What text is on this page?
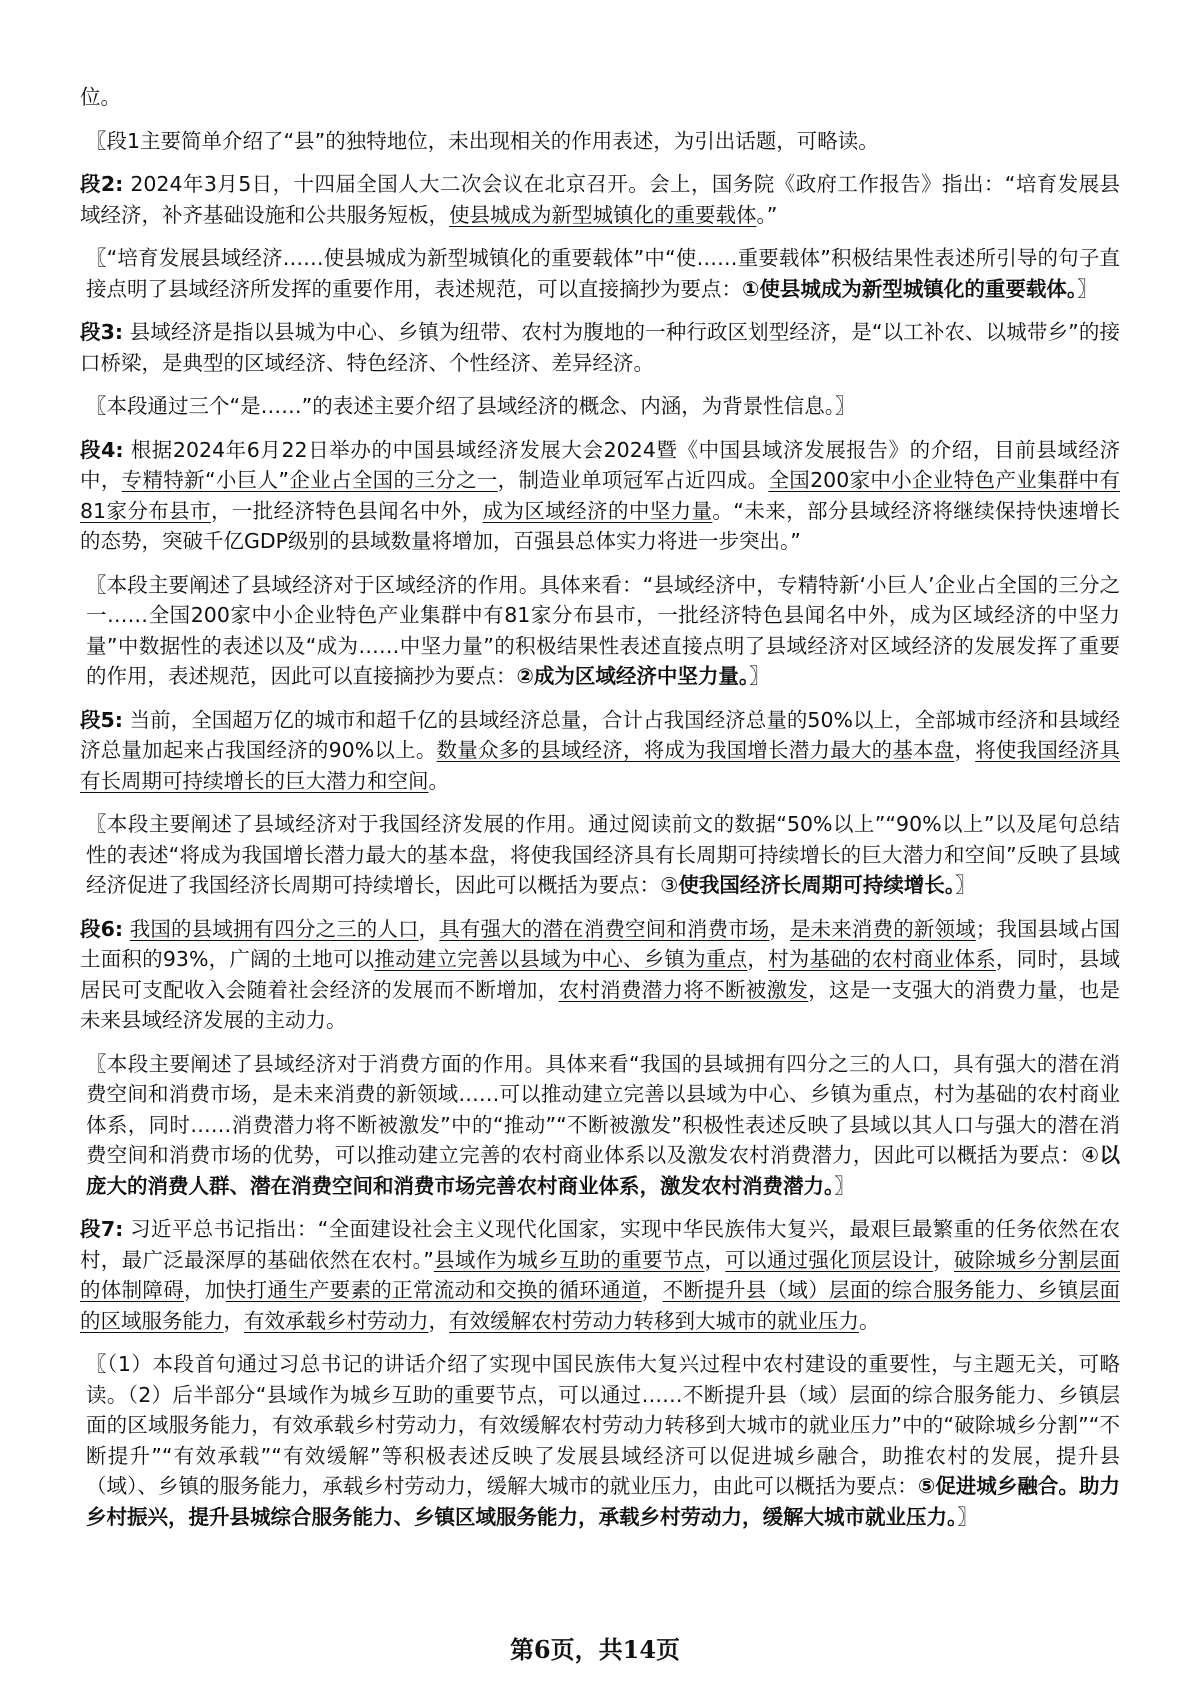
位。
〖段1主要简单介绍了“县”的独特地位，未出现相关的作用表述，为引出话题，可略读。
段2: 2024年3月5日，十四届全国人大二次会议在北京召开。会上，国务院《政府工作报告》指出：“培育发展县域经济，补齐基础设施和公共服务短板，使县城成为新型城镇化的重要载体。”
〖“培育发展县域经济……使县城成为新型城镇化的重要载体”中“使……重要载体”积极结果性表述所引导的句子直接点明了县域经济所发挥的重要作用，表述规范，可以直接摘抄为要点：①使县城成为新型城镇化的重要载体。〗
段3: 县域经济是指以县城为中心、乡镇为纽带、农村为腹地的一种行政区划型经济，是“以工补农、以城带乡”的接口桥梁，是典型的区域经济、特色经济、个性经济、差异经济。
〖本段通过三个“是……”的表述主要介绍了县域经济的概念、内涵，为背景性信息。〗
段4: 根据2024年6月22日举办的中国县域经济发展大会2024暨《中国县域济发展报告》的介绍，目前县域经济中，专精特新“小巨人”企业占全国的三分之一，制造业单项冠军占近四成。全国200家中小企业特色产业集群中有81家分布县市，一批经济特色县闻名中外，成为区域经济的中坚力量。“未来，部分县域经济将继续保持快速增长的态势，突破千亿GDP级别的县域数量将增加，百强县总体实力将进一步突出。”
〖本段主要阐述了县域经济对于区域经济的作用。具体来看：“县域经济中，专精特新‘小巨人’企业占全国的三分之一……全国200家中小企业特色产业集群中有81家分布县市，一批经济特色县闻名中外，成为区域经济的中坚力量”中数据性的表述以及“成为……中坚力量”的积极结果性表述直接点明了县域经济对区域经济的发展发挥了重要的作用，表述规范，因此可以直接摘抄为要点：②成为区域经济中坚力量。〗
段5: 当前，全国超万亿的城市和超千亿的县域经济总量，合计占我国经济总量的50%以上，全部城市经济和县域经济总量加起来占我国经济的90%以上。数量众多的县域经济，将成为我国增长潜力最大的基本盘，将使我国经济具有长周期可持续增长的巨大潜力和空间。
〖本段主要阐述了县域经济对于我国经济发展的作用。通过阅读前文的数据“50%以上”“90%以上”以及尾句总结性的表述“将成为我国增长潜力最大的基本盘，将使我国经济具有长周期可持续增长的巨大潜力和空间”反映了县域经济促进了我国经济长周期可持续增长，因此可以概括为要点：③使我国经济长周期可持续增长。〗
段6: 我国的县域拥有四分之三的人口，具有强大的潜在消费空间和消费市场，是未来消费的新领域；我国县域占国土面积的93%，广阔的土地可以推动建立完善以县域为中心、乡镇为重点，村为基础的农村商业体系，同时，县域居民可支配收入会随着社会经济的发展而不断增加，农村消费潜力将不断被激发，这是一支强大的消费力量，也是未来县域经济发展的主动力。
〖本段主要阐述了县域经济对于消费方面的作用。具体来看“我国的县域拥有四分之三的人口，具有强大的潜在消费空间和消费市场，是未来消费的新领域……可以推动建立完善以县域为中心、乡镇为重点，村为基础的农村商业体系，同时……消费潜力将不断被激发”中的“推动”“不断被激发”积极性表述反映了县域以其人口与强大的潜在消费空间和消费市场的优势，可以推动建立完善的农村商业体系以及激发农村消费潜力，因此可以概括为要点：④以庞大的消费人群、潜在消费空间和消费市场完善农村商业体系，激发农村消费潜力。〗
段7: 习近平总书记指出：“全面建设社会主义现代化国家，实现中华民族伟大复兴，最艰巨最繁重的任务依然在农村，最广泛最深厚的基础依然在农村。”县域作为城乡互助的重要节点，可以通过强化顶层设计，破除城乡分割层面的体制障碍，加快打通生产要素的正常流动和交换的循环通道，不断提升县（域）层面的综合服务能力、乡镇层面的区域服务能力，有效承载乡村劳动力，有效缓解农村劳动力转移到大城市的就业压力。
〖（1）本段首句通过习总书记的讲话介绍了实现中国民族伟大复兴过程中农村建设的重要性，与主题无关，可略读。（2）后半部分“县域作为城乡互助的重要节点，可以通过……不断提升县（域）层面的综合服务能力、乡镇层面的区域服务能力，有效承载乡村劳动力，有效缓解农村劳动力转移到大城市的就业压力”中的“破除城乡分割”“不断提升”“有效承载”“有效缓解”等积极表述反映了发展县域经济可以促进城乡融合，助推农村的发展，提升县（域）、乡镇的服务能力，承载乡村劳动力，缓解大城市的就业压力，由此可以概括为要点：⑤促进城乡融合。助力乡村振兴，提升县城综合服务能力、乡镇区域服务能力，承载乡村劳动力，缓解大城市就业压力。〗
第6页，共14页
